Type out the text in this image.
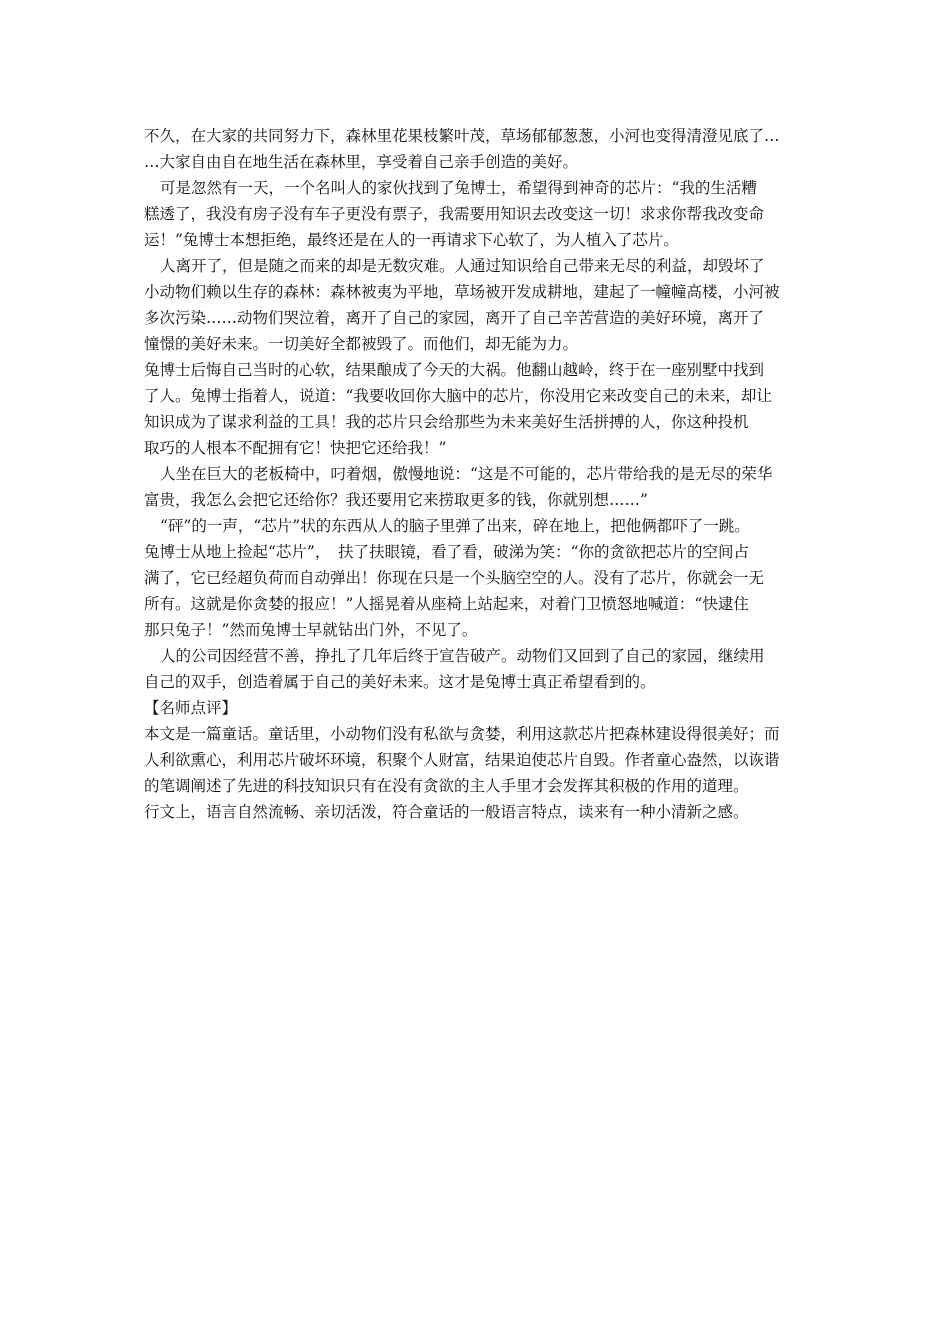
不久，在大家的共同努力下，森林里花果枝繁叶茂，草场郁郁葱葱，小河也变得清澄见底了…
…大家自由自在地生活在森林里，享受着自己亲手创造的美好。
可是忽然有一天，一个名叫人的家伙找到了兔博士，希望得到神奇的芯片：“我的生活糟
糕透了，我没有房子没有车子更没有票子，我需要用知识去改变这一切！求求你帮我改变命
运！”兔博士本想拒绝，最终还是在人的一再请求下心软了，为人植入了芯片。
人离开了，但是随之而来的却是无数灾难。人通过知识给自己带来无尽的利益，却毁坏了
小动物们赖以生存的森林：森林被夷为平地，草场被开发成耕地，建起了一幢幢高楼，小河被
多次污染……动物们哭泣着，离开了自己的家园，离开了自己辛苦营造的美好环境，离开了
憧憬的美好未来。一切美好全都被毁了。而他们，却无能为力。
兔博士后悔自己当时的心软，结果酿成了今天的大祸。他翻山越岭，终于在一座别墅中找到
了人。兔博士指着人，说道：“我要收回你大脑中的芯片，你没用它来改变自己的未来，却让
知识成为了谋求利益的工具！我的芯片只会给那些为未来美好生活拼搏的人，你这种投机
取巧的人根本不配拥有它！快把它还给我！”
人坐在巨大的老板椅中，叼着烟，傲慢地说：“这是不可能的，芯片带给我的是无尽的荣华
富贵，我怎么会把它还给你？我还要用它来捞取更多的钱，你就别想……”
“砰”的一声，“芯片”状的东西从人的脑子里弹了出来，碎在地上，把他俩都吓了一跳。
兔博士从地上捡起“芯片”，　扶了扶眼镜，看了看，破涕为笑：“你的贪欲把芯片的空间占
满了，它已经超负荷而自动弹出！你现在只是一个头脑空空的人。没有了芯片，你就会一无
所有。这就是你贪婪的报应！”人摇晃着从座椅上站起来，对着门卫愤怒地喊道：“快逮住
那只兔子！”然而兔博士早就钻出门外，不见了。
人的公司因经营不善，挣扎了几年后终于宣告破产。动物们又回到了自己的家园，继续用
自己的双手，创造着属于自己的美好未来。这才是兔博士真正希望看到的。
【名师点评】
本文是一篇童话。童话里，小动物们没有私欲与贪婪，利用这款芯片把森林建设得很美好；而
人利欲熏心，利用芯片破坏环境，积聚个人财富，结果迫使芯片自毁。作者童心盎然，以诙谐
的笔调阐述了先进的科技知识只有在没有贪欲的主人手里才会发挥其积极的作用的道理。
行文上，语言自然流畅、亲切活泼，符合童话的一般语言特点，读来有一种小清新之感。
